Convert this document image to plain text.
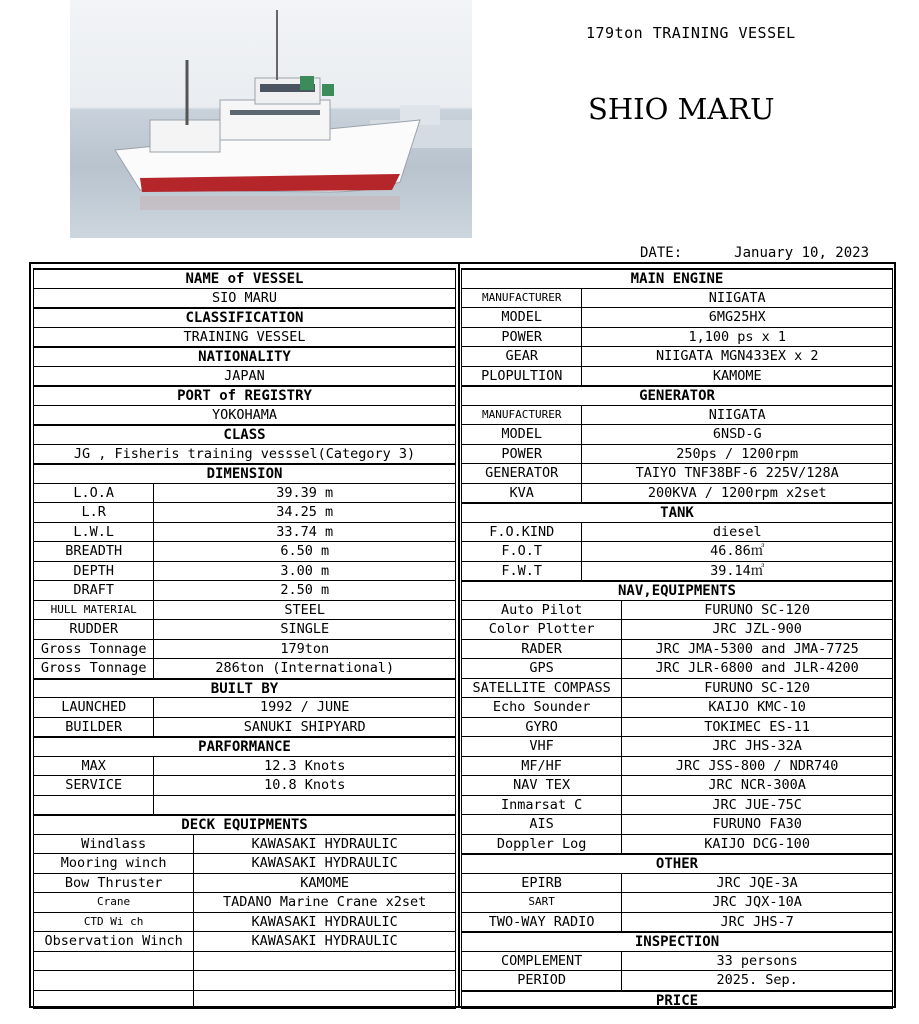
179ton TRAINING VESSEL
SHIO MARU
DATE:	January 10, 2023
NAME of VESSEL
SIO MARU
CLASSIFICATION
TRAINING VESSEL
NATIONALITY
JAPAN
PORT of REGISTRY
YOKOHAMA
CLASS
JG , Fisheris training vesssel(Category 3)
DIMENSION
L.O.A	39.39 m
L.R	34.25 m
L.W.L	33.74 m
BREADTH	6.50 m
DEPTH	3.00 m
DRAFT	2.50 m
HULL MATERIAL	STEEL
RUDDER	SINGLE
Gross Tonnage	179ton
Gross Tonnage	286ton (International)
BUILT BY
LAUNCHED	1992 / JUNE
BUILDER	SANUKI SHIPYARD
PARFORMANCE
MAX	12.3 Knots
SERVICE	10.8 Knots
DECK EQUIPMENTS
Windlass	KAWASAKI HYDRAULIC
Mooring winch	KAWASAKI HYDRAULIC
Bow Thruster	KAMOME
Crane	TADANO Marine Crane x2set
CTD Wi ch	KAWASAKI HYDRAULIC
Observation Winch	KAWASAKI HYDRAULIC
MAIN ENGINE
MANUFACTURER	NIIGATA
MODEL	6MG25HX
POWER	1,100 ps x 1
GEAR	NIIGATA MGN433EX x 2
PLOPULTION	KAMOME
GENERATOR
MANUFACTURER	NIIGATA
MODEL	6NSD-G
POWER	250ps / 1200rpm
GENERATOR	TAIYO TNF38BF-6 225V/128A
KVA	200KVA / 1200rpm x2set
TANK
F.O.KIND	diesel
F.O.T	46.86㎥
F.W.T	39.14㎥
NAV,EQUIPMENTS
Auto Pilot	FURUNO SC-120
Color Plotter	JRC JZL-900
RADER	JRC JMA-5300 and JMA-7725
GPS	JRC JLR-6800 and JLR-4200
SATELLITE COMPASS	FURUNO SC-120
Echo Sounder	KAIJO KMC-10
GYRO	TOKIMEC ES-11
VHF	JRC JHS-32A
MF/HF	JRC JSS-800 / NDR740
NAV TEX	JRC NCR-300A
Inmarsat C	JRC JUE-75C
AIS	FURUNO FA30
Doppler Log	KAIJO DCG-100
OTHER
EPIRB	JRC JQE-3A
SART	JRC JQX-10A
TWO-WAY RADIO	JRC JHS-7
INSPECTION
COMPLEMENT	33 persons
PERIOD	2025. Sep.
PRICE
